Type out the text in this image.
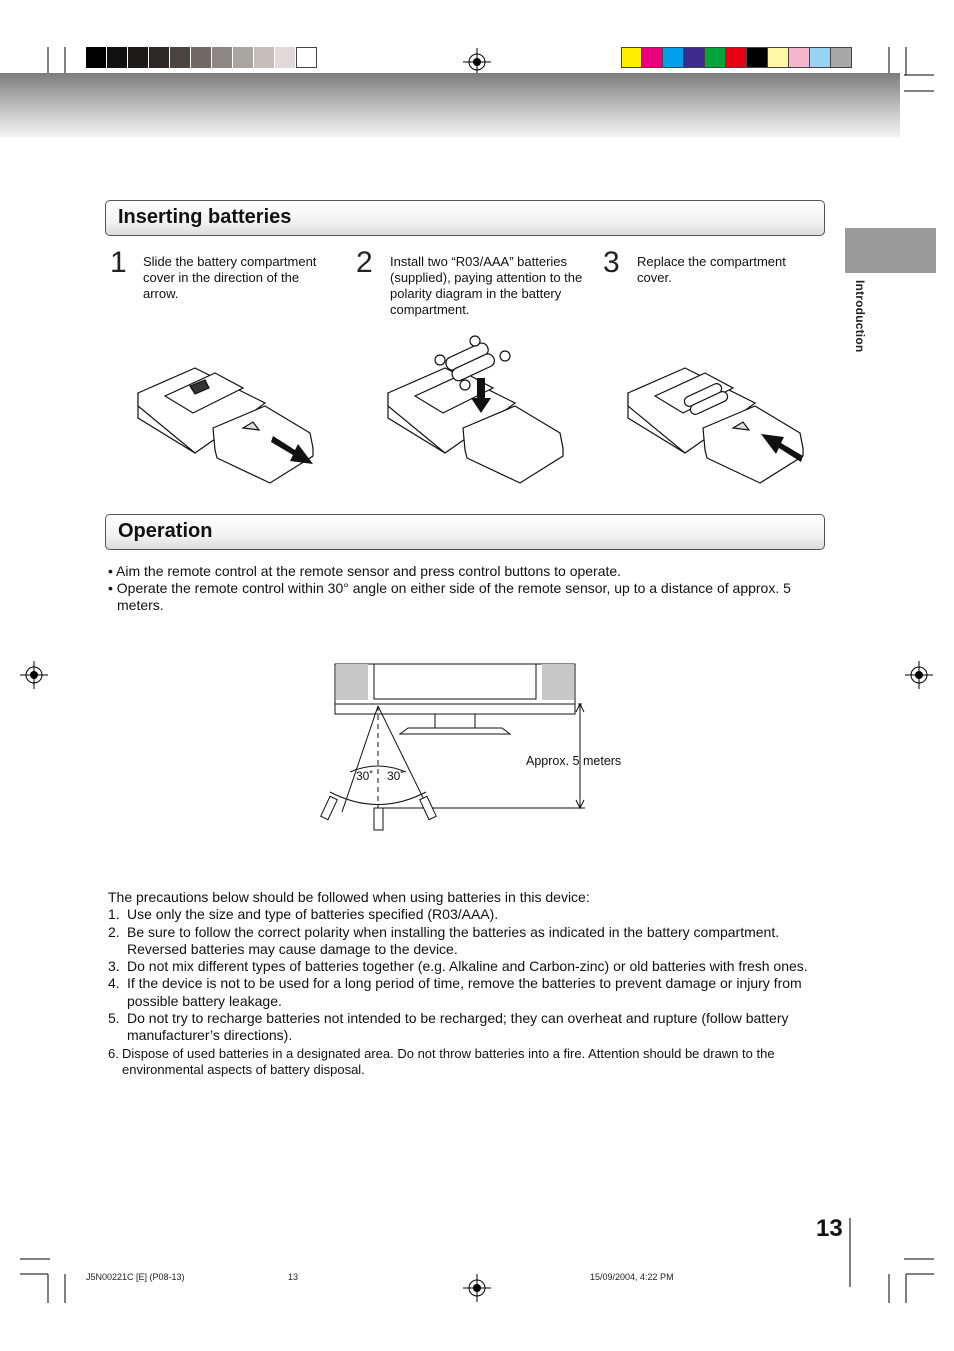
Introduction
Inserting batteries
1 Slide the battery compartment cover in the direction of the arrow.
2 Install two “R03/AAA” batteries (supplied), paying attention to the polarity diagram in the battery compartment.
3 Replace the compartment cover.
Operation
• Aim the remote control at the remote sensor and press control buttons to operate.
• Operate the remote control within 30° angle on either side of the remote sensor, up to a distance of approx. 5 meters.
30˚ 30˚
Approx. 5 meters
The precautions below should be followed when using batteries in this device:
1. Use only the size and type of batteries specified (R03/AAA).
2. Be sure to follow the correct polarity when installing the batteries as indicated in the battery compartment. Reversed batteries may cause damage to the device.
3. Do not mix different types of batteries together (e.g. Alkaline and Carbon-zinc) or old batteries with fresh ones.
4. If the device is not to be used for a long period of time, remove the batteries to prevent damage or injury from possible battery leakage.
5. Do not try to recharge batteries not intended to be recharged; they can overheat and rupture (follow battery manufacturer’s directions).
6. Dispose of used batteries in a designated area. Do not throw batteries into a fire. Attention should be drawn to the environmental aspects of battery disposal.
13
J5N00221C [E] (P08-13)	13	15/09/2004, 4:22 PM
